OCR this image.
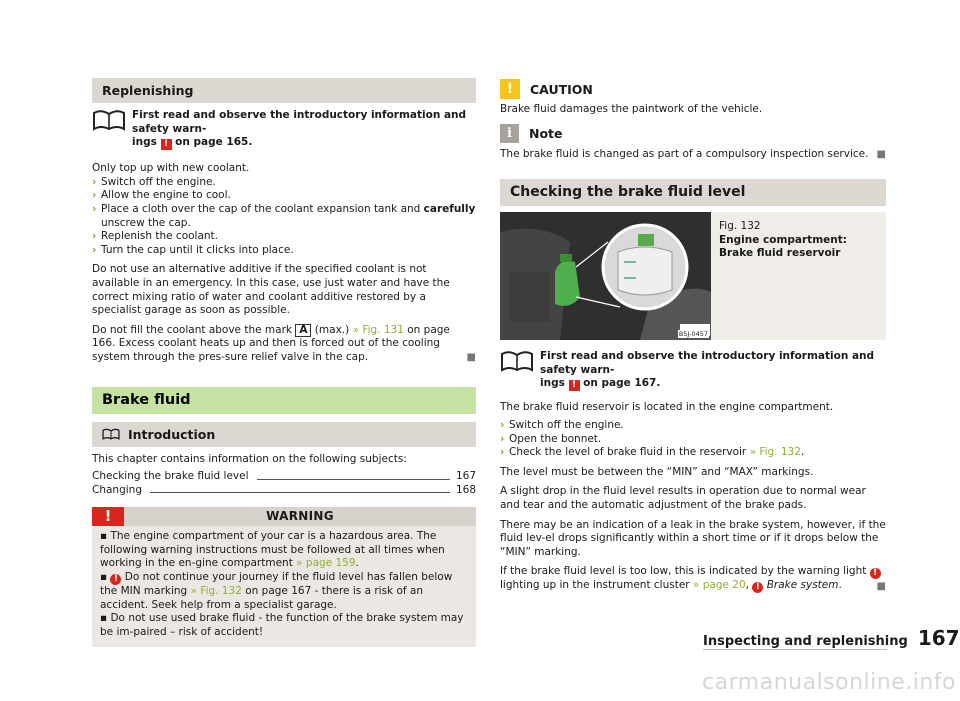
Replenishing
First read and observe the introductory information and safety warn-
ings ! on page 165.

Only top up with new coolant.

› Switch off the engine.
› Allow the engine to cool.
› Place a cloth over the cap of the coolant expansion tank and carefully unscrew the cap.
› Replenish the coolant.
› Turn the cap until it clicks into place.

Do not use an alternative additive if the specified coolant is not available in an emergency. In this case, use just water and have the correct mixing ratio of water and coolant additive restored by a specialist garage as soon as possible.

Do not fill the coolant above the mark A (max.) » Fig. 131 on page 166. Excess coolant heats up and then is forced out of the cooling system through the pres-sure relief valve in the cap.	■

Brake fluid
Introduction

This chapter contains information on the following subjects:

Checking the brake fluid level	167
Changing	168
!	WARNING

▪ The engine compartment of your car is a hazardous area. The following warning instructions must be followed at all times when working in the en-gine compartment » page 159.

▪ ! Do not continue your journey if the fluid level has fallen below the MIN marking » Fig. 132 on page 167 - there is a risk of an accident. Seek help from a specialist garage.

▪ Do not use used brake fluid - the function of the brake system may be im-paired – risk of accident!

!	CAUTION

Brake fluid damages the paintwork of the vehicle.

i	Note

The brake fluid is changed as part of a compulsory inspection service. ■

Checking the brake fluid level
B5J-0457
Fig. 132
Engine compartment: Brake fluid reservoir
First read and observe the introductory information and safety warn-
ings ! on page 167.

The brake fluid reservoir is located in the engine compartment.

› Switch off the engine.
› Open the bonnet.
› Check the level of brake fluid in the reservoir » Fig. 132.

The level must be between the “MIN” and “MAX” markings.

A slight drop in the fluid level results in operation due to normal wear and tear and the automatic adjustment of the brake pads.

There may be an indication of a leak in the brake system, however, if the fluid lev-el drops significantly within a short time or if it drops below the “MIN” marking.

If the brake fluid level is too low, this is indicated by the warning light ! lighting up in the instrument cluster » page 20, ! Brake system.	■

Inspecting and replenishing 167
carmanualsonline.info
